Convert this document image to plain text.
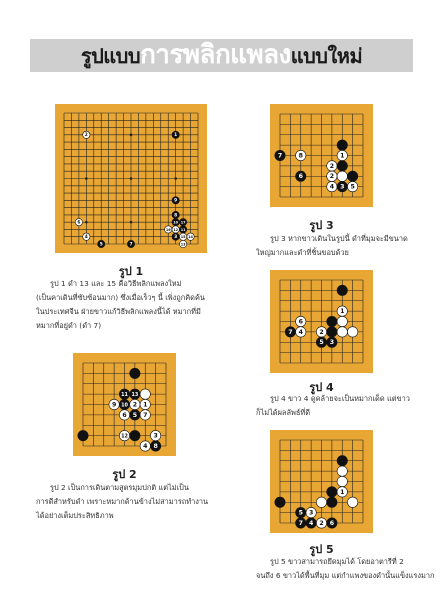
รูปแบบการพลิกแพลงแบบใหม่
2	1
9
6
8
4
10 17
5
16 12 11
7
3 15 14
13
รูป 1

รูป 1 ดำ 13 และ 15 คือวิธีพลิกแพลงใหม่

(เป็นคาเดินที่ซับซ้อนมาก) ซึ่งเมื่อเร็วๆ นี้ เพิ่งถูกคิดค้น

ในประเทศจีน ฝ่ายขาวแก้วิธีพลิกแพลงนี้ได้ หมากที่มี

หมากที่อยู่ดำ (ดำ 7)

11 13
9 10 2 1
6 5 7
12	3
4 8
รูป 2

รูป 2 เป็นการเดินตามสูตรมุมปกติ แต่ไม่เป็น

การดีสำหรับดำ เพราะหมากด้านข้างไม่สามารถทำงาน

ได้อย่างเต็มประสิทธิภาพ

1
7	8
2
6	2
4 3 5
รูป 3

รูป 3 หากขาวเดินในรูปนี้ ดำที่มุมจะมีขนาด

ใหญ่มากและดำที่ชิ้นขอบด้วย

1
6
7 4	2
5 3
รูป 4

รูป 4 ขาว 4 ดูคล้ายจะเป็นหมากเด็ด แต่ขาว

ก็ไม่ได้ผลลัพธ์ที่ดี

1
5 3
7 4 2 6
รูป 5

รูป 5 ขาวสามารถยึดมุมได้ โดยอาตารีที่ 2

จนถึง 6 ขาวได้พื้นที่มุม แต่กำแพงของดำนั้นแข็งแรงมาก
